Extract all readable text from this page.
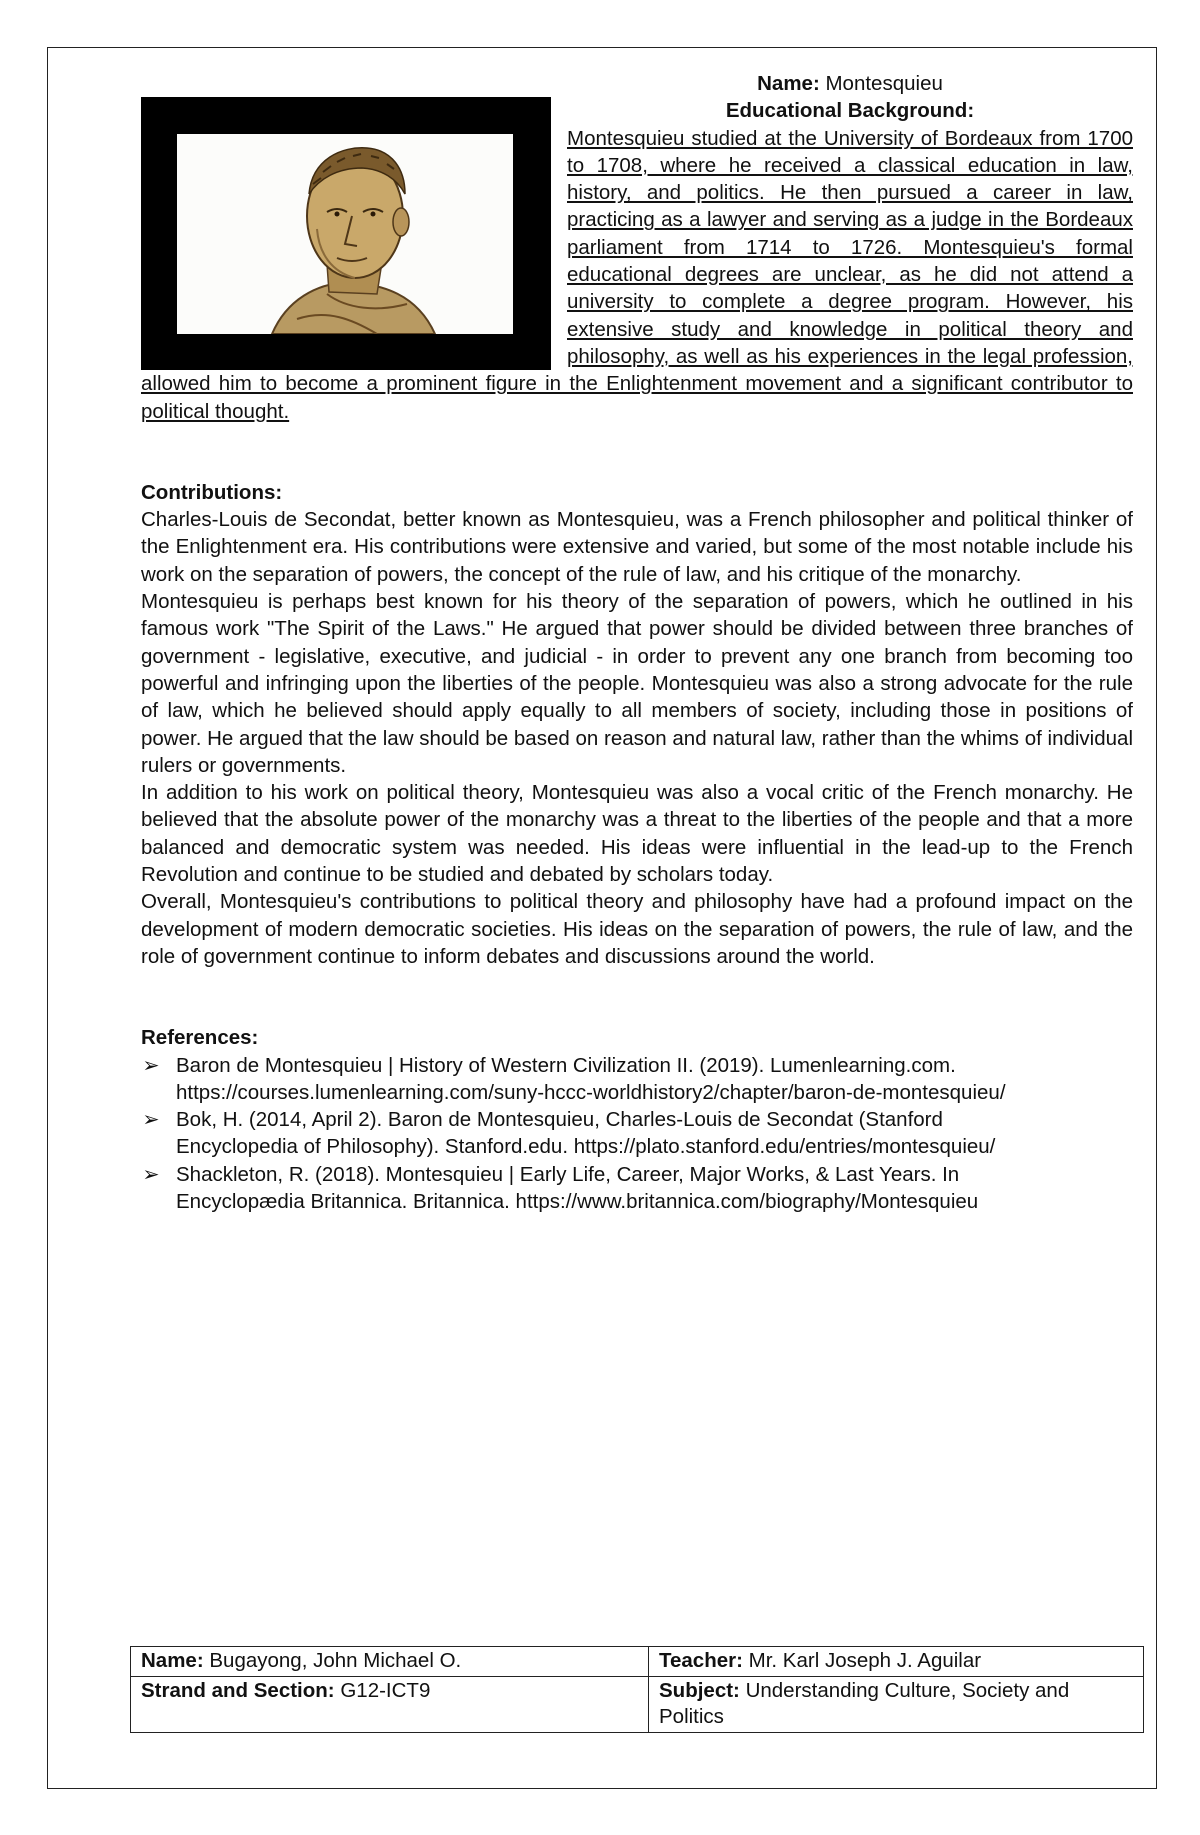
Name: Montesquieu

Educational Background:

Montesquieu studied at the University of Bordeaux from 1700 to 1708, where he received a classical education in law, history, and politics. He then pursued a career in law, practicing as a lawyer and serving as a judge in the Bordeaux parliament from 1714 to 1726. Montesquieu's formal educational degrees are unclear, as he did not attend a university to complete a degree program. However, his extensive study and knowledge in political theory and philosophy, as well as his experiences in the legal profession, allowed him to become a prominent figure in the Enlightenment movement and a significant contributor to political thought.

Contributions:

Charles-Louis de Secondat, better known as Montesquieu, was a French philosopher and political thinker of the Enlightenment era. His contributions were extensive and varied, but some of the most notable include his work on the separation of powers, the concept of the rule of law, and his critique of the monarchy.

Montesquieu is perhaps best known for his theory of the separation of powers, which he outlined in his famous work "The Spirit of the Laws." He argued that power should be divided between three branches of government - legislative, executive, and judicial - in order to prevent any one branch from becoming too powerful and infringing upon the liberties of the people. Montesquieu was also a strong advocate for the rule of law, which he believed should apply equally to all members of society, including those in positions of power. He argued that the law should be based on reason and natural law, rather than the whims of individual rulers or governments.

In addition to his work on political theory, Montesquieu was also a vocal critic of the French monarchy. He believed that the absolute power of the monarchy was a threat to the liberties of the people and that a more balanced and democratic system was needed. His ideas were influential in the lead-up to the French Revolution and continue to be studied and debated by scholars today.

Overall, Montesquieu's contributions to political theory and philosophy have had a profound impact on the development of modern democratic societies. His ideas on the separation of powers, the rule of law, and the role of government continue to inform debates and discussions around the world.

References:

➢ Baron de Montesquieu | History of Western Civilization II. (2019). Lumenlearning.com.
https://courses.lumenlearning.com/suny-hccc-worldhistory2/chapter/baron-de-montesquieu/
➢ Bok, H. (2014, April 2). Baron de Montesquieu, Charles-Louis de Secondat (Stanford
Encyclopedia of Philosophy). Stanford.edu. https://plato.stanford.edu/entries/montesquieu/
➢ Shackleton, R. (2018). Montesquieu | Early Life, Career, Major Works, & Last Years. In
Encyclopædia Britannica. Britannica. https://www.britannica.com/biography/Montesquieu
Name: Bugayong, John Michael O.	Teacher: Mr. Karl Joseph J. Aguilar
Strand and Section: G12-ICT9	Subject: Understanding Culture, Society and Politics
